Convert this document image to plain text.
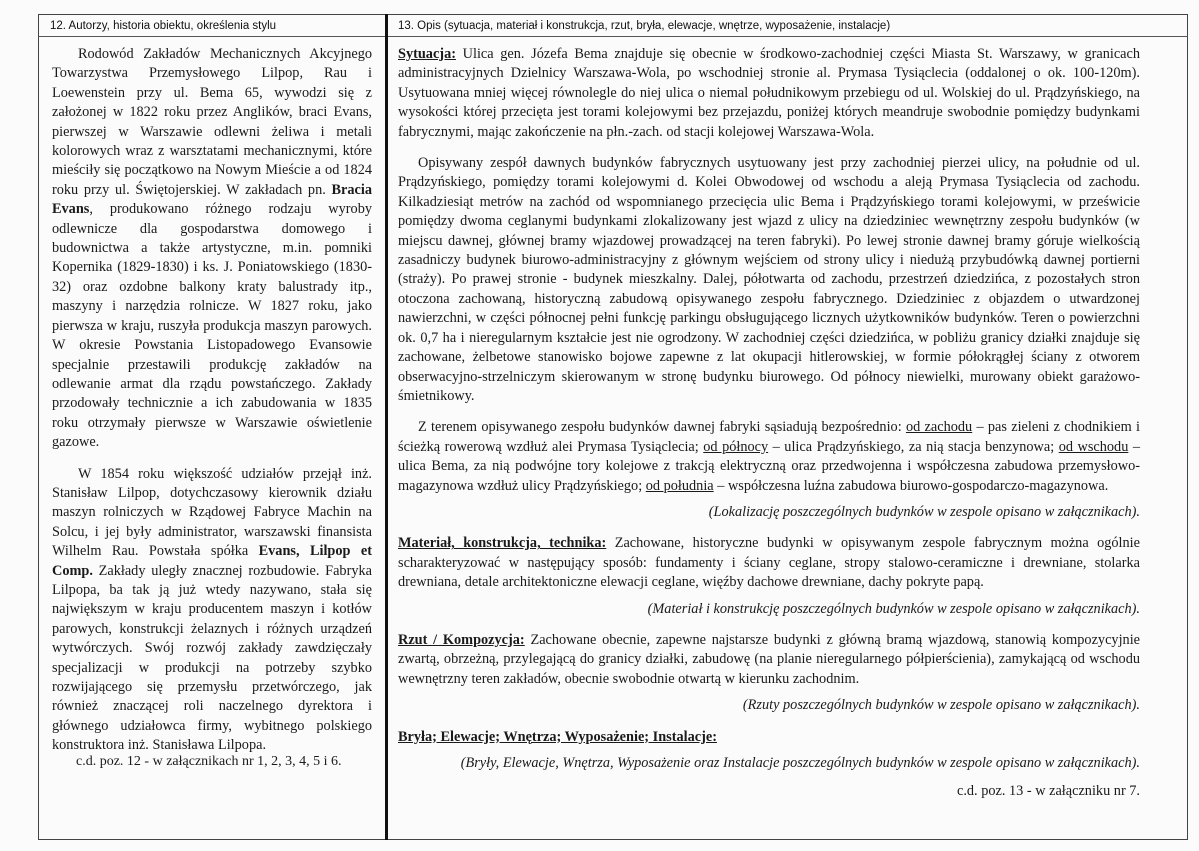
12. Autorzy, historia obiektu, określenia stylu	13. Opis (sytuacja, materiał i konstrukcja, rzut, bryła, elewacje, wnętrze, wyposażenie, instalacje)

Rodowód Zakładów Mechanicznych Akcyjnego Towarzystwa Przemysłowego Lilpop, Rau i Loewenstein przy ul. Bema 65, wywodzi się z założonej w 1822 roku przez Anglików, braci Evans, pierwszej w Warszawie odlewni żeliwa i metali kolorowych wraz z warsztatami mechanicznymi, które mieściły się początkowo na Nowym Mieście a od 1824 roku przy ul. Świętojerskiej. W zakładach pn. Bracia Evans, produkowano różnego rodzaju wyroby odlewnicze dla gospodarstwa domowego i budownictwa a także artystyczne, m.in. pomniki Kopernika (1829-1830) i ks. J. Poniatowskiego (1830-32) oraz ozdobne balkony kraty balustrady itp., maszyny i narzędzia rolnicze. W 1827 roku, jako pierwsza w kraju, ruszyła produkcja maszyn parowych. W okresie Powstania Listopadowego Evansowie specjalnie przestawili produkcję zakładów na odlewanie armat dla rządu powstańczego. Zakłady przodowały technicznie a ich zabudowania w 1835 roku otrzymały pierwsze w Warszawie oświetlenie gazowe.

W 1854 roku większość udziałów przejął inż. Stanisław Lilpop, dotychczasowy kierownik działu maszyn rolniczych w Rządowej Fabryce Machin na Solcu, i jej były administrator, warszawski finansista Wilhelm Rau. Powstała spółka Evans, Lilpop et Comp. Zakłady uległy znacznej rozbudowie. Fabryka Lilpopa, ba tak ją już wtedy nazywano, stała się największym w kraju producentem maszyn i kotłów parowych, konstrukcji żelaznych i różnych urządzeń wytwórczych. Swój rozwój zakłady zawdzięczały specjalizacji w produkcji na potrzeby szybko rozwijającego się przemysłu przetwórczego, jak również znaczącej roli naczelnego dyrektora i głównego udziałowca firmy, wybitnego polskiego konstruktora inż. Stanisława Lilpopa.

c.d. poz. 12 - w załącznikach nr 1, 2, 3, 4, 5 i 6.

Sytuacja: Ulica gen. Józefa Bema znajduje się obecnie w środkowo-zachodniej części Miasta St. Warszawy, w granicach administracyjnych Dzielnicy Warszawa-Wola, po wschodniej stronie al. Prymasa Tysiąclecia (oddalonej o ok. 100-120m). Usytuowana mniej więcej równolegle do niej ulica o niemal południkowym przebiegu od ul. Wolskiej do ul. Prądzyńskiego, na wysokości której przecięta jest torami kolejowymi bez przejazdu, poniżej których meandruje swobodnie pomiędzy budynkami fabrycznymi, mając zakończenie na płn.-zach. od stacji kolejowej Warszawa-Wola.

Opisywany zespół dawnych budynków fabrycznych usytuowany jest przy zachodniej pierzei ulicy, na południe od ul. Prądzyńskiego, pomiędzy torami kolejowymi d. Kolei Obwodowej od wschodu a aleją Prymasa Tysiąclecia od zachodu. Kilkadziesiąt metrów na zachód od wspomnianego przecięcia ulic Bema i Prądzyńskiego torami kolejowymi, w prześwicie pomiędzy dwoma ceglanymi budynkami zlokalizowany jest wjazd z ulicy na dziedziniec wewnętrzny zespołu budynków (w miejscu dawnej, głównej bramy wjazdowej prowadzącej na teren fabryki). Po lewej stronie dawnej bramy góruje wielkością zasadniczy budynek biurowo-administracyjny z głównym wejściem od strony ulicy i niedużą przybudówką dawnej portierni (straży). Po prawej stronie - budynek mieszkalny. Dalej, półotwarta od zachodu, przestrzeń dziedzińca, z pozostałych stron otoczona zachowaną, historyczną zabudową opisywanego zespołu fabrycznego. Dziedziniec z objazdem o utwardzonej nawierzchni, w części północnej pełni funkcję parkingu obsługującego licznych użytkowników budynków. Teren o powierzchni ok. 0,7 ha i nieregularnym kształcie jest nie ogrodzony. W zachodniej części dziedzińca, w pobliżu granicy działki znajduje się zachowane, żelbetowe stanowisko bojowe zapewne z lat okupacji hitlerowskiej, w formie półokrągłej ściany z otworem obserwacyjno-strzelniczym skierowanym w stronę budynku biurowego. Od północy niewielki, murowany obiekt garażowo-śmietnikowy.

Z terenem opisywanego zespołu budynków dawnej fabryki sąsiadują bezpośrednio: od zachodu – pas zieleni z chodnikiem i ścieżką rowerową wzdłuż alei Prymasa Tysiąclecia; od północy – ulica Prądzyńskiego, za nią stacja benzynowa; od wschodu – ulica Bema, za nią podwójne tory kolejowe z trakcją elektryczną oraz przedwojenna i współczesna zabudowa przemysłowo-magazynowa wzdłuż ulicy Prądzyńskiego; od południa – współczesna luźna zabudowa biurowo-gospodarczo-magazynowa.

(Lokalizację poszczególnych budynków w zespole opisano w załącznikach).

Materiał, konstrukcja, technika: Zachowane, historyczne budynki w opisywanym zespole fabrycznym można ogólnie scharakteryzować w następujący sposób: fundamenty i ściany ceglane, stropy stalowo-ceramiczne i drewniane, stolarka drewniana, detale architektoniczne elewacji ceglane, więźby dachowe drewniane, dachy pokryte papą.

(Materiał i konstrukcję poszczególnych budynków w zespole opisano w załącznikach).

Rzut / Kompozycja: Zachowane obecnie, zapewne najstarsze budynki z główną bramą wjazdową, stanowią kompozycyjnie zwartą, obrzeżną, przylegającą do granicy działki, zabudowę (na planie nieregularnego półpierścienia), zamykającą od wschodu wewnętrzny teren zakładów, obecnie swobodnie otwartą w kierunku zachodnim.

(Rzuty poszczególnych budynków w zespole opisano w załącznikach).

Bryła; Elewacje; Wnętrza; Wyposażenie; Instalacje:

(Bryły, Elewacje, Wnętrza, Wyposażenie oraz Instalacje poszczególnych budynków w zespole opisano w załącznikach).

c.d. poz. 13 - w załączniku nr 7.
